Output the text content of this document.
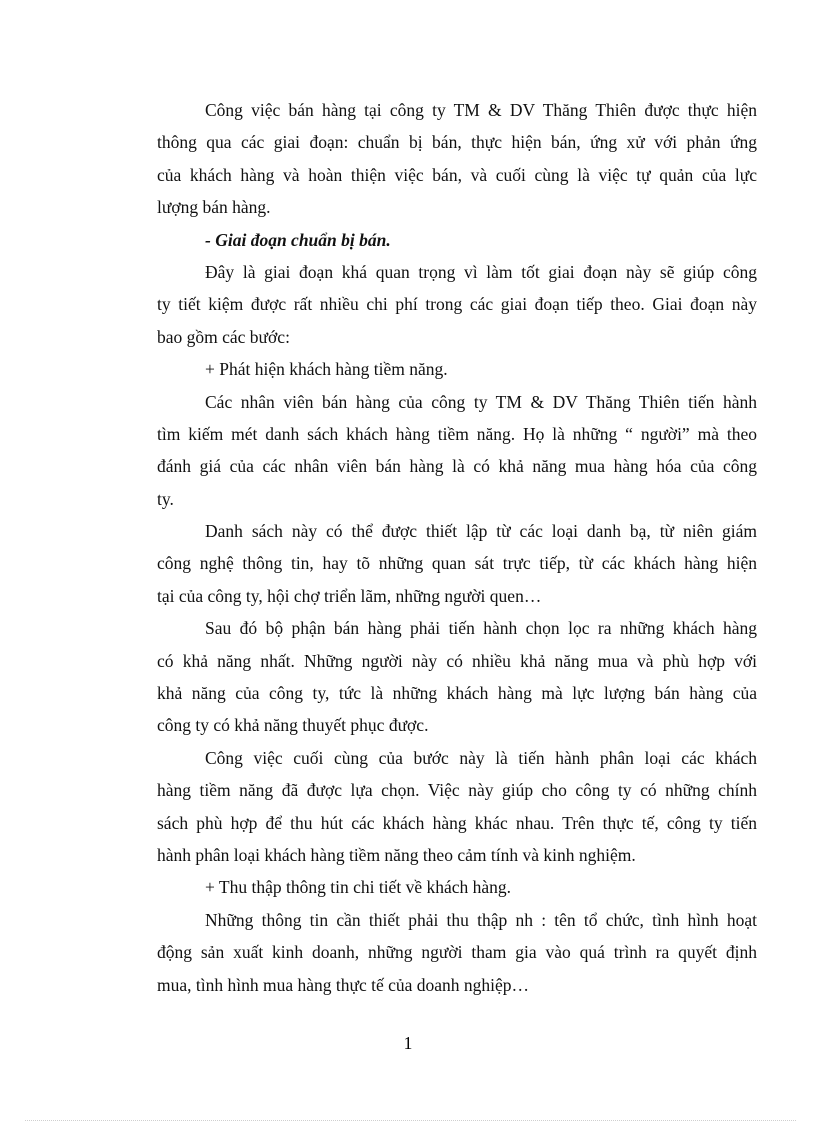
Công việc bán hàng tại công ty TM & DV Thăng Thiên được thực hiện
thông qua các giai đoạn: chuẩn bị bán, thực hiện bán, ứng xử với phản ứng
của khách hàng và hoàn thiện việc bán, và cuối cùng là việc tự quản của lực
lượng bán hàng.
- Giai đoạn chuẩn bị bán.
Đây là giai đoạn khá quan trọng vì làm tốt giai đoạn này sẽ giúp công
ty tiết kiệm được rất nhiều chi phí trong các giai đoạn tiếp theo. Giai đoạn này
bao gồm các bước:
+ Phát hiện khách hàng tiềm năng.
Các nhân viên bán hàng của công ty TM & DV Thăng Thiên tiến hành
tìm kiếm mét danh sách khách hàng tiềm năng. Họ là những “ người” mà theo
đánh giá của các nhân viên bán hàng là có khả năng mua hàng hóa của công
ty.
Danh sách này có thể được thiết lập từ các loại danh bạ, từ niên giám
công nghệ thông tin, hay tõ những quan sát trực tiếp, từ các khách hàng hiện
tại của công ty, hội chợ triển lãm, những người quen…
Sau đó bộ phận bán hàng phải tiến hành chọn lọc ra những khách hàng
có khả năng nhất. Những người này có nhiều khả năng mua và phù hợp với
khả năng của công ty, tức là những khách hàng mà lực lượng bán hàng của
công ty có khả năng thuyết phục được.
Công việc cuối cùng của bước này là tiến hành phân loại các khách
hàng tiềm năng đã được lựa chọn. Việc này giúp cho công ty có những chính
sách phù hợp để thu hút các khách hàng khác nhau. Trên thực tế, công ty tiến
hành phân loại khách hàng tiềm năng theo cảm tính và kinh nghiệm.
+ Thu thập thông tin chi tiết về khách hàng.
Những thông tin cần thiết phải thu thập nh : tên tổ chức, tình hình hoạt
động sản xuất kinh doanh, những người tham gia vào quá trình ra quyết định
mua, tình hình mua hàng thực tế của doanh nghiệp…
1
